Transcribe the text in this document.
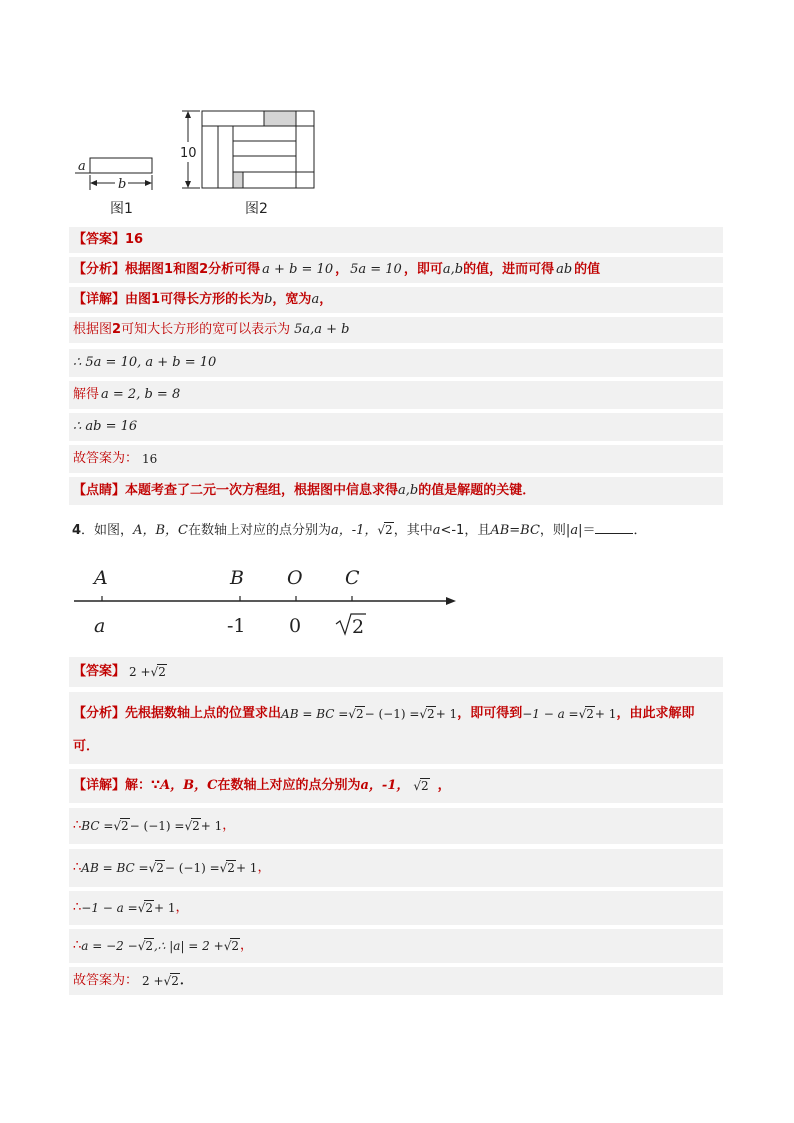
a
b
10
图1	图2
【答案】 16
【分析】 根据图 1 和图 2 分析可得 a + b = 10 ， 5a = 10 ，即可 a,b 的值，进而可得 ab 的值
【详解】 由图 1 可得长方形的长为 b ，宽为 a ，
根据图 2 可知大长方形的宽可以表示为 5a,a + b
∴ 5a = 10, a + b = 10
解得 a = 2, b = 8
∴ ab = 16
故答案为： 16
【点睛】 本题考查了二元一次方程组，根据图中信息求得 a,b 的值是解题的关键．
4．如图，A，B，C在数轴上对应的点分别为a，-1，√2，其中a<-1，且AB=BC，则|a|＝	．
A	B O C
a	-1 0	2
【答案】 2 + √2
【分析】 先根据数轴上点的位置求出 AB = BC = √2 − (−1) = √2 + 1 ，即可得到 −1 − a = √2 + 1 ，由此求解即
可．
【详解】 解：∵ A，B，C 在数轴上对应的点分别为 a，-1， √2 ，
∴ BC = √2 − (−1) = √2 + 1 ，
∴ AB = BC = √2 − (−1) = √2 + 1 ，
∴ −1 − a = √2 + 1 ，
∴ a = −2 − √2 ,∴ |a| = 2 + √2 ，
故答案为： 2 + √2 ．
